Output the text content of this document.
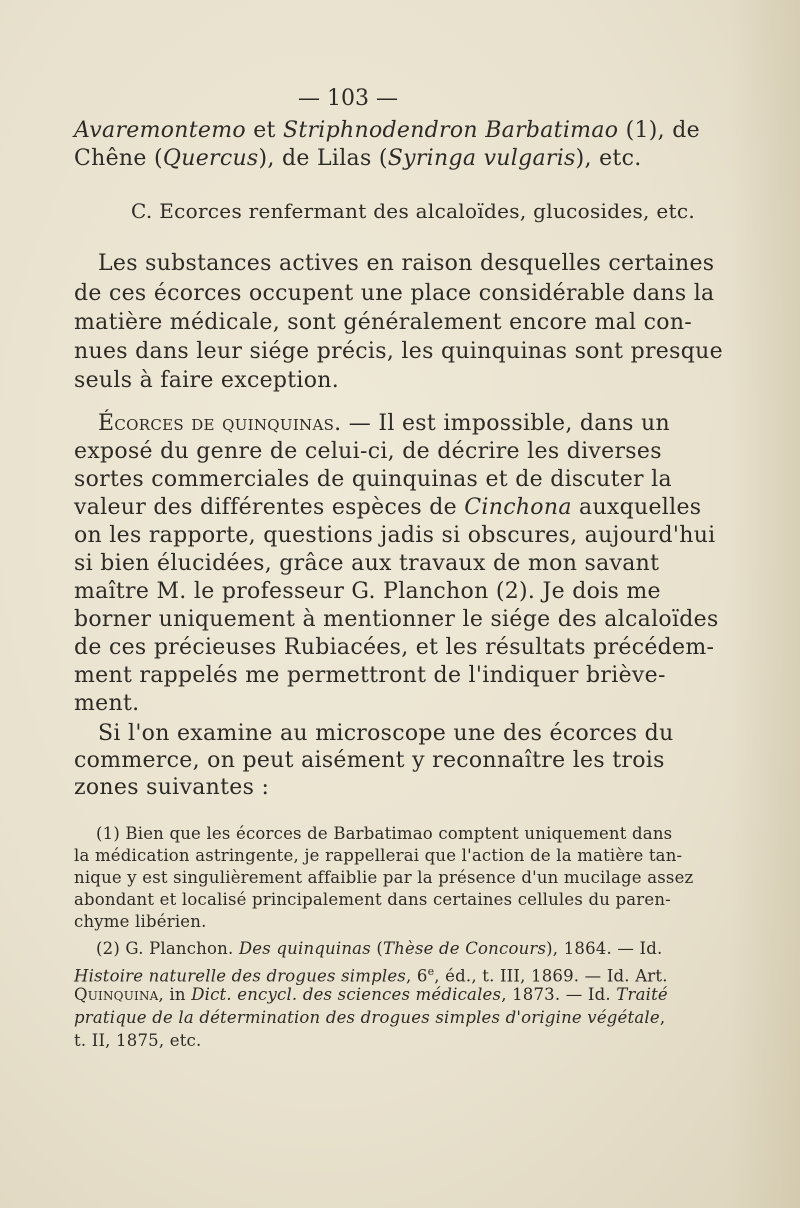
— 103 —
Avaremontemo et Striphnodendron Barbatimao (1), de
Chêne (Quercus), de Lilas (Syringa vulgaris), etc.
C. Ecorces renfermant des alcaloïdes, glucosides, etc.
Les substances actives en raison desquelles certaines
de ces écorces occupent une place considérable dans la
matière médicale, sont généralement encore mal con-
nues dans leur siége précis, les quinquinas sont presque
seuls à faire exception.
Écorces de quinquinas. — Il est impossible, dans un
exposé du genre de celui-ci, de décrire les diverses
sortes commerciales de quinquinas et de discuter la
valeur des différentes espèces de Cinchona auxquelles
on les rapporte, questions jadis si obscures, aujourd'hui
si bien élucidées, grâce aux travaux de mon savant
maître M. le professeur G. Planchon (2). Je dois me
borner uniquement à mentionner le siége des alcaloïdes
de ces précieuses Rubiacées, et les résultats précédem-
ment rappelés me permettront de l'indiquer briève-
ment.
Si l'on examine au microscope une des écorces du
commerce, on peut aisément y reconnaître les trois
zones suivantes :
(1) Bien que les écorces de Barbatimao comptent uniquement dans
la médication astringente, je rappellerai que l'action de la matière tan-
nique y est singulièrement affaiblie par la présence d'un mucilage assez
abondant et localisé principalement dans certaines cellules du paren-
chyme libérien.
(2) G. Planchon. Des quinquinas (Thèse de Concours), 1864. — Id.
Histoire naturelle des drogues simples, 6e, éd., t. III, 1869. — Id. Art.
Quinquina, in Dict. encycl. des sciences médicales, 1873. — Id. Traité
pratique de la détermination des drogues simples d'origine végétale,
t. II, 1875, etc.
